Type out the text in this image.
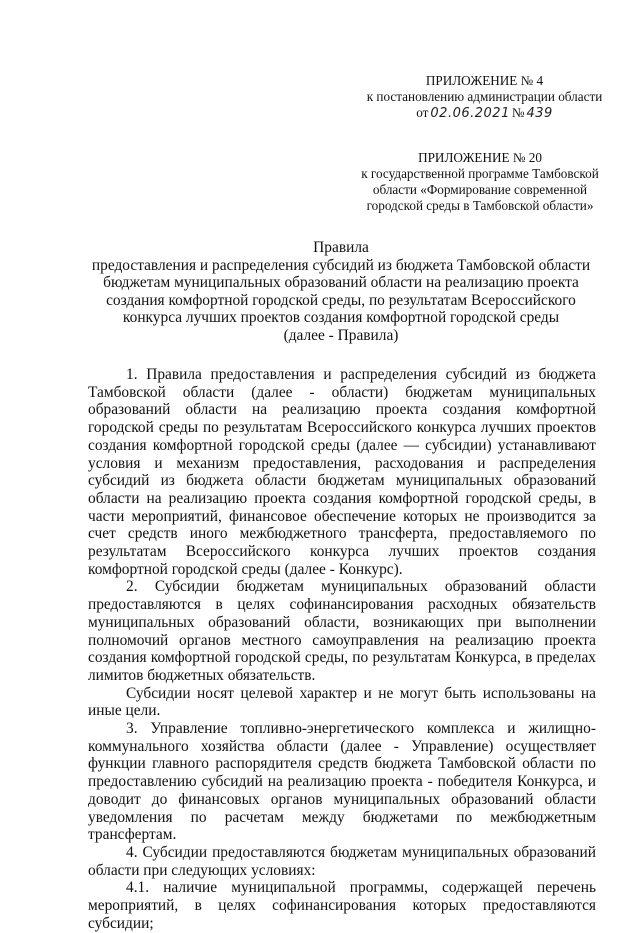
ПРИЛОЖЕНИЕ № 4
к постановлению администрации области
от 02.06.2021 № 439
ПРИЛОЖЕНИЕ № 20
к государственной программе Тамбовской
области «Формирование современной
городской среды в Тамбовской области»
Правила
предоставления и распределения субсидий из бюджета Тамбовской области
бюджетам муниципальных образований области на реализацию проекта
создания комфортной городской среды, по результатам Всероссийского
конкурса лучших проектов создания комфортной городской среды
(далее - Правила)

1. Правила предоставления и распределения субсидий из бюджета Тамбовской области (далее - области) бюджетам муниципальных образований области на реализацию проекта создания комфортной городской среды по результатам Всероссийского конкурса лучших проектов создания комфортной городской среды (далее — субсидии) устанавливают условия и механизм предоставления, расходования и распределения субсидий из бюджета области бюджетам муниципальных образований области на реализацию проекта создания комфортной городской среды, в части мероприятий, финансовое обеспечение которых не производится за счет средств иного межбюджетного трансферта, предоставляемого по результатам Всероссийского конкурса лучших проектов создания комфортной городской среды (далее - Конкурс).

2. Субсидии бюджетам муниципальных образований области предоставляются в целях софинансирования расходных обязательств муниципальных образований области, возникающих при выполнении полномочий органов местного самоуправления на реализацию проекта создания комфортной городской среды, по результатам Конкурса, в пределах лимитов бюджетных обязательств.

Субсидии носят целевой характер и не могут быть использованы на иные цели.

3. Управление топливно-энергетического комплекса и жилищно-коммунального хозяйства области (далее - Управление) осуществляет функции главного распорядителя средств бюджета Тамбовской области по предоставлению субсидий на реализацию проекта - победителя Конкурса, и доводит до финансовых органов муниципальных образований области уведомления по расчетам между бюджетами по межбюджетным трансфертам.

4. Субсидии предоставляются бюджетам муниципальных образований области при следующих условиях:

4.1. наличие муниципальной программы, содержащей перечень мероприятий, в целях софинансирования которых предоставляются субсидии;
